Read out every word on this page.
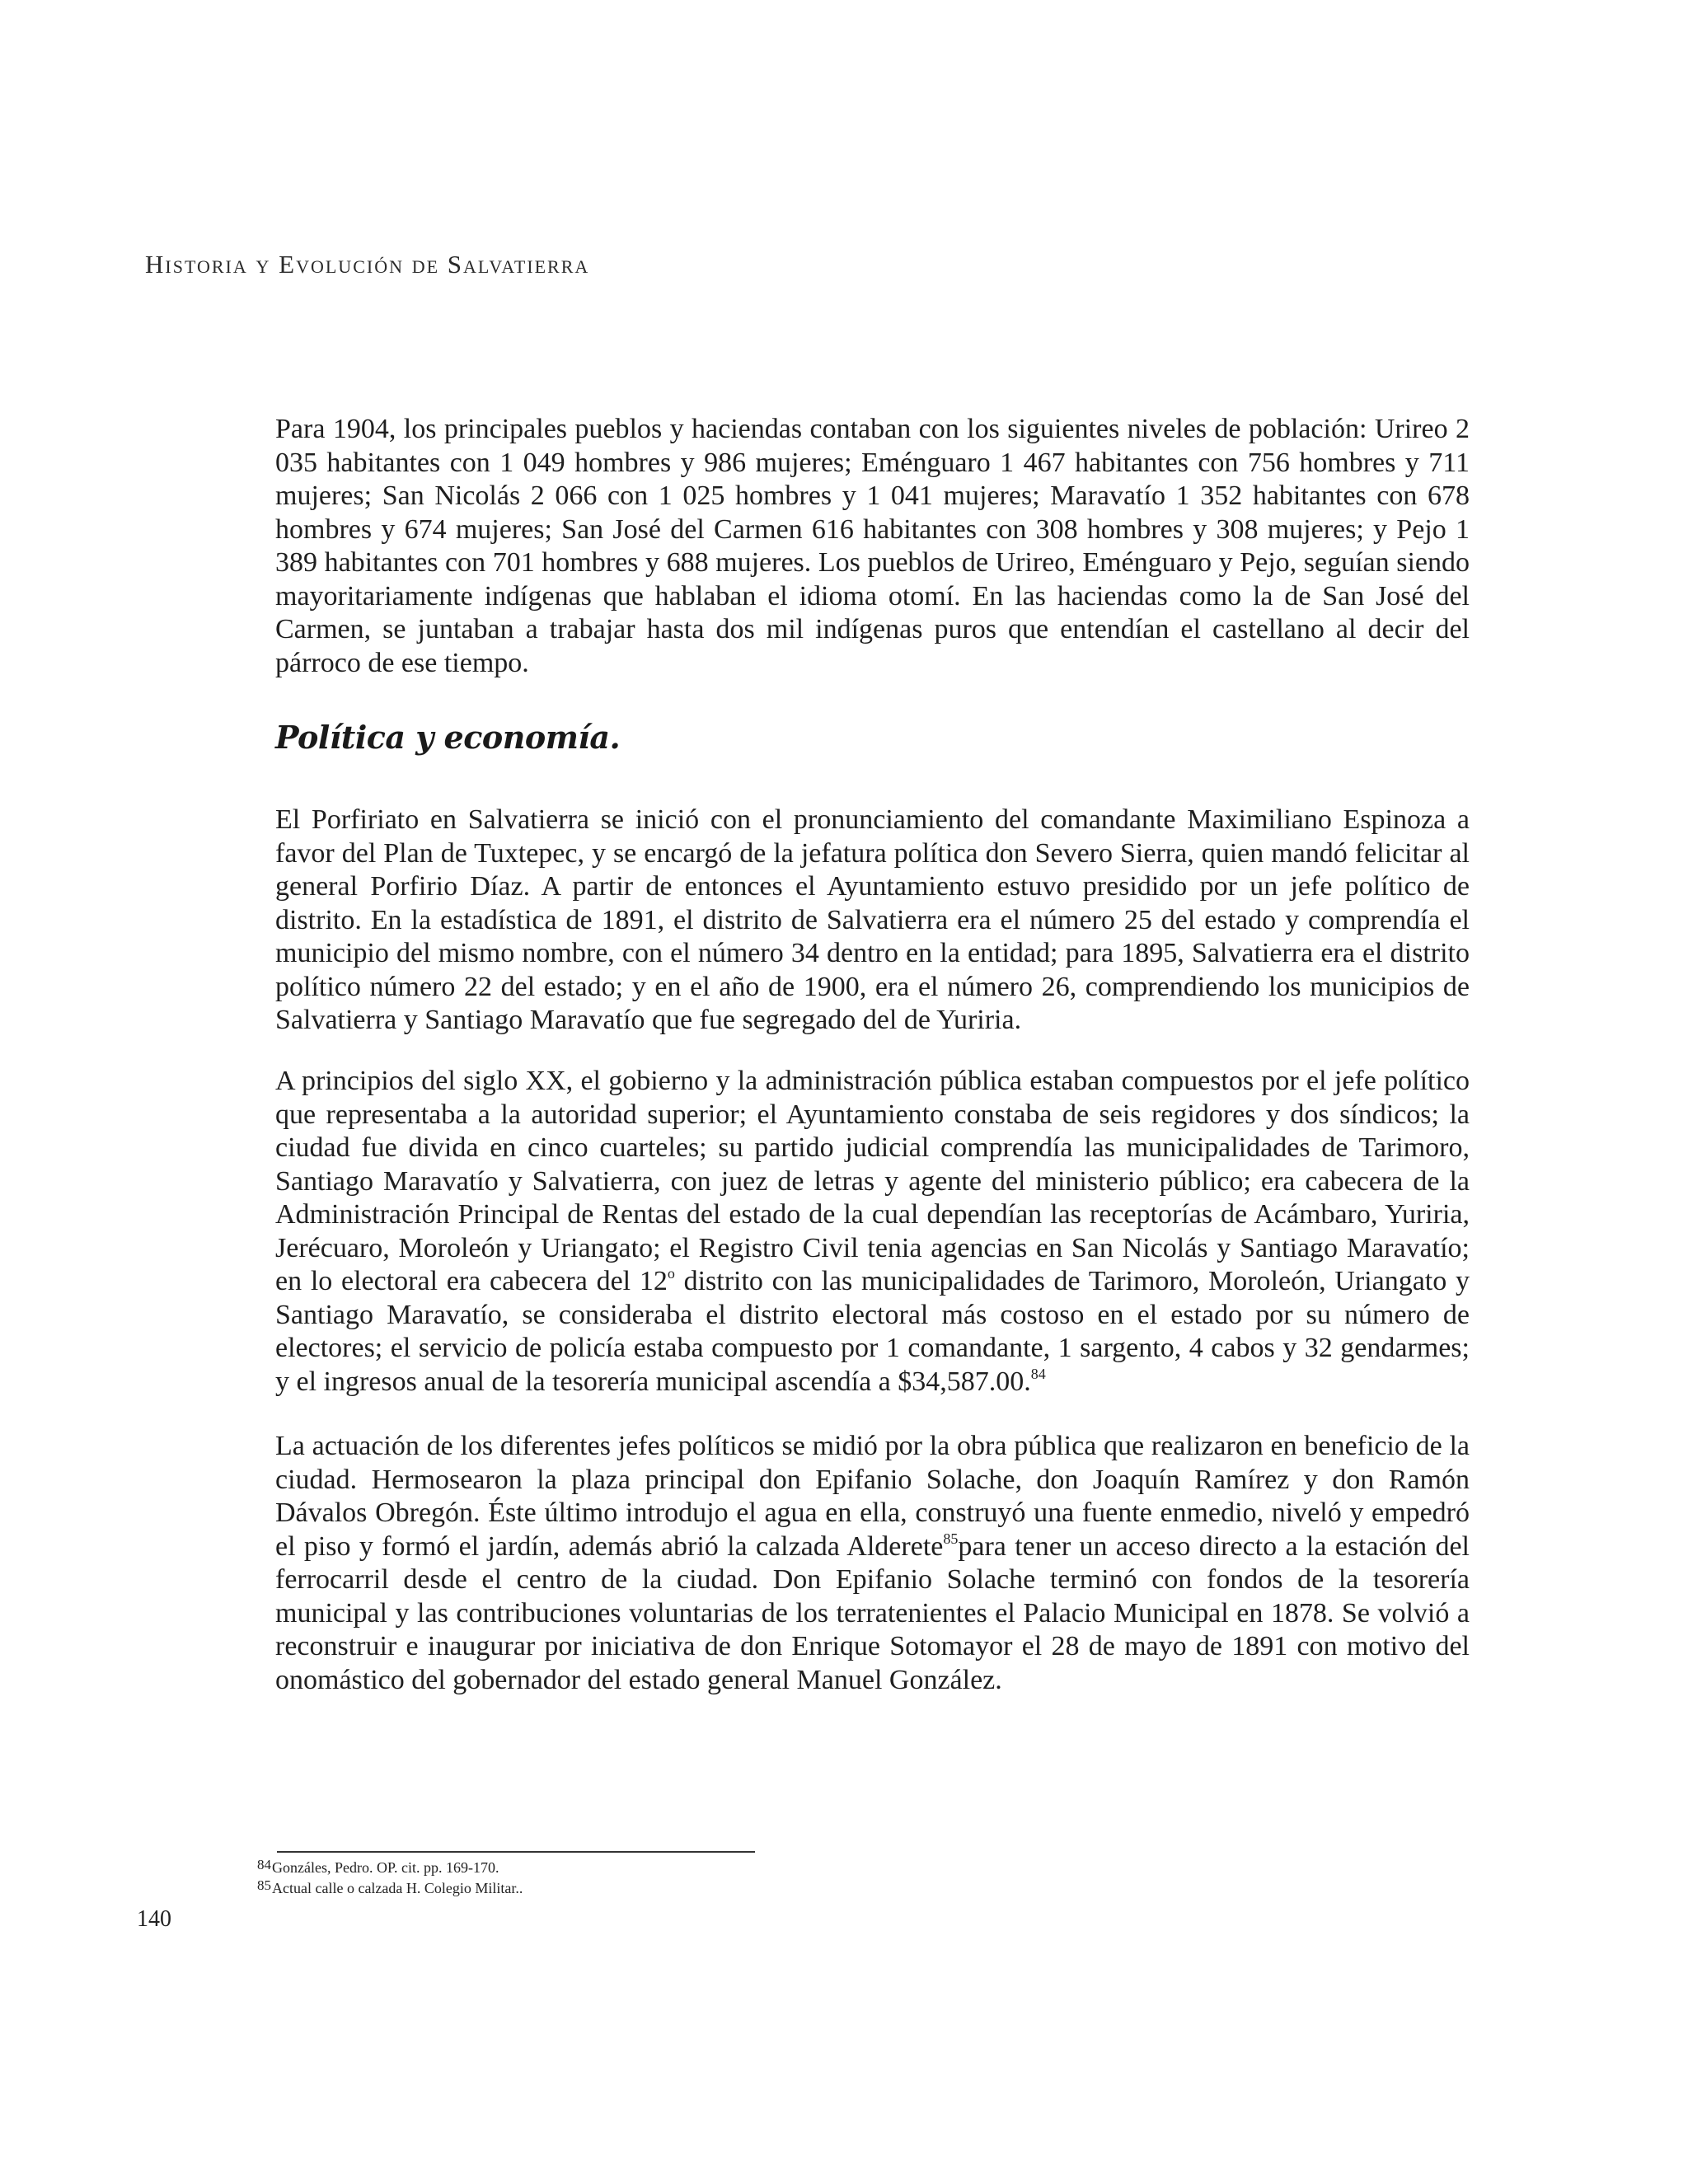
Historia y Evolución de Salvatierra

Para 1904, los principales pueblos y haciendas contaban con los siguientes niveles de población: Urireo 2 035 habitantes con 1 049 hombres y 986 mujeres; Eménguaro 1 467 habitantes con 756 hombres y 711 mujeres; San Nicolás 2 066 con 1 025 hombres y 1 041 mujeres; Maravatío 1 352 habitantes con 678 hombres y 674 mujeres; San José del Carmen 616 habitantes con 308 hombres y 308 mujeres; y Pejo 1 389 habitantes con 701 hombres y 688 mujeres. Los pueblos de Urireo, Eménguaro y Pejo, seguían siendo mayoritariamente indígenas que hablaban el idioma otomí. En las haciendas como la de San José del Carmen, se juntaban a trabajar hasta dos mil indígenas puros que entendían el castellano al decir del párroco de ese tiempo.

Política y economía.

El Porfiriato en Salvatierra se inició con el pronunciamiento del comandante Maximiliano Espinoza a favor del Plan de Tuxtepec, y se encargó de la jefatura política don Severo Sierra, quien mandó felicitar al general Porfirio Díaz. A partir de entonces el Ayuntamiento estuvo presidido por un jefe político de distrito. En la estadística de 1891, el distrito de Salvatierra era el número 25 del estado y comprendía el municipio del mismo nombre, con el número 34 dentro en la entidad; para 1895, Salvatierra era el distrito político número 22 del estado; y en el año de 1900, era el número 26, comprendiendo los municipios de Salvatierra y Santiago Maravatío que fue segregado del de Yuriria.

A principios del siglo XX, el gobierno y la administración pública estaban compuestos por el jefe político que representaba a la autoridad superior; el Ayuntamiento constaba de seis regidores y dos síndicos; la ciudad fue divida en cinco cuarteles; su partido judicial comprendía las municipalidades de Tarimoro, Santiago Maravatío y Salvatierra, con juez de letras y agente del ministerio público; era cabecera de la Administración Principal de Rentas del estado de la cual dependían las receptorías de Acámbaro, Yuriria, Jerécuaro, Moroleón y Uriangato; el Registro Civil tenia agencias en San Nicolás y Santiago Maravatío; en lo electoral era cabecera del 12$^o$ distrito con las municipalidades de Tarimoro, Moroleón, Uriangato y Santiago Maravatío, se consideraba el distrito electoral más costoso en el estado por su número de electores; el servicio de policía estaba compuesto por 1 comandante, 1 sargento, 4 cabos y 32 gendarmes; y el ingresos anual de la tesorería municipal ascendía a $34,587.00.84

La actuación de los diferentes jefes políticos se midió por la obra pública que realizaron en beneficio de la ciudad. Hermosearon la plaza principal don Epifanio Solache, don Joaquín Ramírez y don Ramón Dávalos Obregón. Éste último introdujo el agua en ella, construyó una fuente enmedio, niveló y empedró el piso y formó el jardín, además abrió la calzada Alderete$^{85}$para tener un acceso directo a la estación del ferrocarril desde el centro de la ciudad. Don Epifanio Solache terminó con fondos de la tesorería municipal y las contribuciones voluntarias de los terratenientes el Palacio Municipal en 1878. Se volvió a reconstruir e inaugurar por iniciativa de don Enrique Sotomayor el 28 de mayo de 1891 con motivo del onomástico del gobernador del estado general Manuel González.

84Gonzáles, Pedro. OP. cit. pp. 169-170.
85Actual calle o calzada H. Colegio Militar..
140
